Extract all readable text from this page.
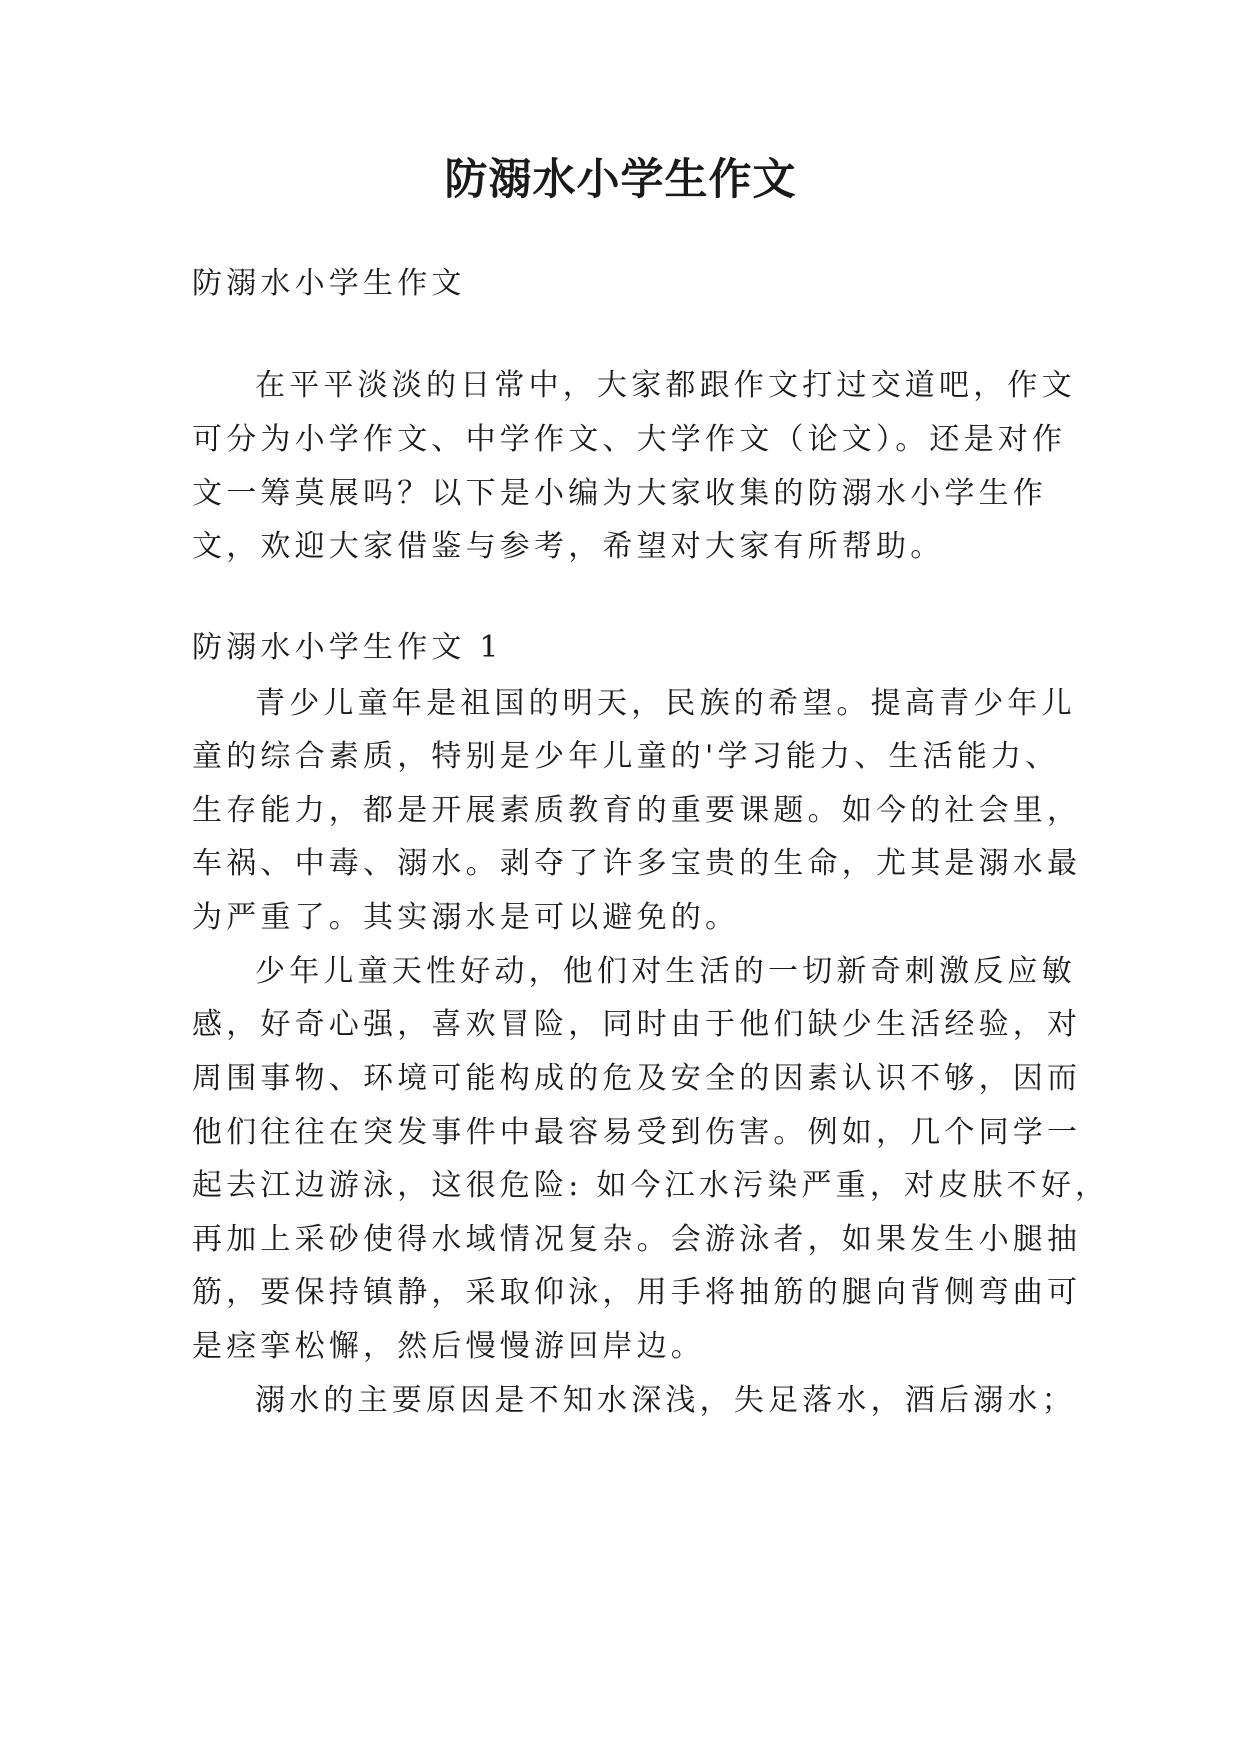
防溺水小学生作文

防溺水小学生作文

在平平淡淡的日常中，大家都跟作文打过交道吧，作文

可分为小学作文、中学作文、大学作文（论文）。还是对作

文一筹莫展吗？以下是小编为大家收集的防溺水小学生作

文，欢迎大家借鉴与参考，希望对大家有所帮助。

防溺水小学生作文 1

青少儿童年是祖国的明天，民族的希望。提高青少年儿

童的综合素质，特别是少年儿童的'学习能力、生活能力、

生存能力，都是开展素质教育的重要课题。如今的社会里，

车祸、中毒、溺水。剥夺了许多宝贵的生命，尤其是溺水最

为严重了。其实溺水是可以避免的。

少年儿童天性好动，他们对生活的一切新奇刺激反应敏

感，好奇心强，喜欢冒险，同时由于他们缺少生活经验，对

周围事物、环境可能构成的危及安全的因素认识不够，因而

他们往往在突发事件中最容易受到伤害。例如，几个同学一

起去江边游泳，这很危险: 如今江水污染严重，对皮肤不好，

再加上采砂使得水域情况复杂。会游泳者，如果发生小腿抽

筋，要保持镇静，采取仰泳，用手将抽筋的腿向背侧弯曲可

是痉挛松懈，然后慢慢游回岸边。

溺水的主要原因是不知水深浅，失足落水，酒后溺水；
